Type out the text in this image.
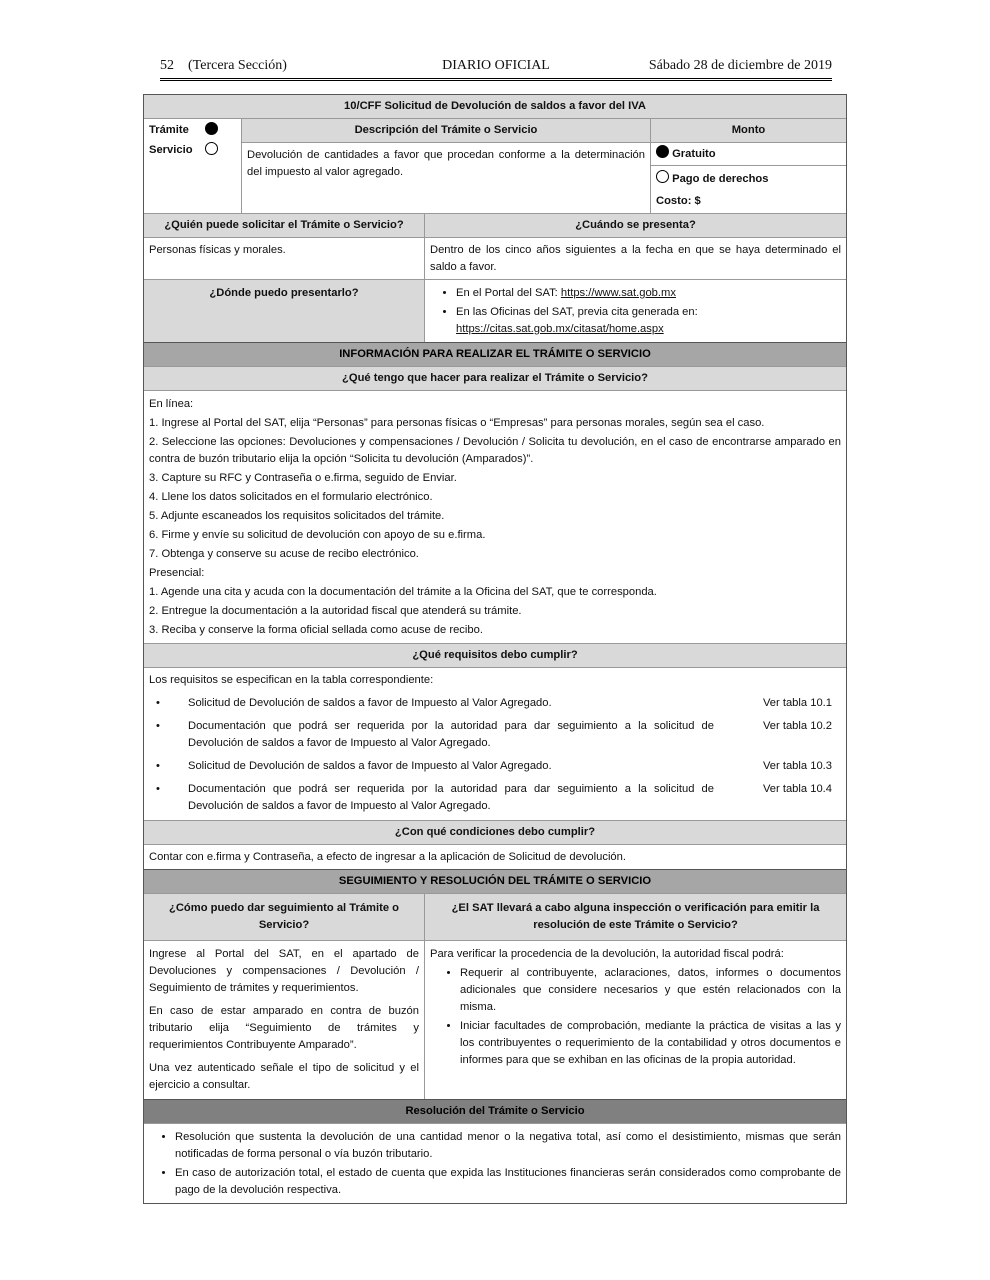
52 (Tercera Sección)	DIARIO OFICIAL	Sábado 28 de diciembre de 2019
10/CFF Solicitud de Devolución de saldos a favor del IVA
Trámite
Servicio
Descripción del Trámite o Servicio
Devolución de cantidades a favor que procedan conforme a la determinación del impuesto al valor agregado.
Monto
Gratuito
Pago de derechos
Costo: $
¿Quién puede solicitar el Trámite o Servicio?	¿Cuándo se presenta?
Personas físicas y morales.	Dentro de los cinco años siguientes a la fecha en que se haya determinado el saldo a favor.
¿Dónde puedo presentarlo?
•	En el Portal del SAT: https://www.sat.gob.mx
• En las Oficinas del SAT, previa cita generada en:
https://citas.sat.gob.mx/citasat/home.aspx
INFORMACIÓN PARA REALIZAR EL TRÁMITE O SERVICIO
¿Qué tengo que hacer para realizar el Trámite o Servicio?
En línea:
1. Ingrese al Portal del SAT, elija “Personas” para personas físicas o “Empresas” para personas morales, según sea el caso.
2. Seleccione las opciones: Devoluciones y compensaciones / Devolución / Solicita tu devolución, en el caso de encontrarse amparado en contra de buzón tributario elija la opción “Solicita tu devolución (Amparados)”.
3. Capture su RFC y Contraseña o e.firma, seguido de Enviar.
4. Llene los datos solicitados en el formulario electrónico.
5. Adjunte escaneados los requisitos solicitados del trámite.
6. Firme y envíe su solicitud de devolución con apoyo de su e.firma.
7. Obtenga y conserve su acuse de recibo electrónico.
Presencial:
1. Agende una cita y acuda con la documentación del trámite a la Oficina del SAT, que te corresponda.
2. Entregue la documentación a la autoridad fiscal que atenderá su trámite.
3. Reciba y conserve la forma oficial sellada como acuse de recibo.
¿Qué requisitos debo cumplir?
Los requisitos se especifican en la tabla correspondiente:
•	Solicitud de Devolución de saldos a favor de Impuesto al Valor Agregado.	Ver tabla 10.1
•	Documentación que podrá ser requerida por la autoridad para dar seguimiento a la solicitud de Devolución de saldos a favor de Impuesto al Valor Agregado.
Ver tabla 10.2
•	Solicitud de Devolución de saldos a favor de Impuesto al Valor Agregado.	Ver tabla 10.3
•	Documentación que podrá ser requerida por la autoridad para dar seguimiento a la solicitud de Devolución de saldos a favor de Impuesto al Valor Agregado.
Ver tabla 10.4
¿Con qué condiciones debo cumplir?
Contar con e.firma y Contraseña, a efecto de ingresar a la aplicación de Solicitud de devolución.
SEGUIMIENTO Y RESOLUCIÓN DEL TRÁMITE O SERVICIO
¿Cómo puedo dar seguimiento al Trámite o Servicio?
¿El SAT llevará a cabo alguna inspección o verificación para emitir la resolución de este Trámite o Servicio?
Ingrese al Portal del SAT, en el apartado de Devoluciones y compensaciones / Devolución / Seguimiento de trámites y requerimientos.
En caso de estar amparado en contra de buzón tributario elija “Seguimiento de trámites y requerimientos Contribuyente Amparado”.
Una vez autenticado señale el tipo de solicitud y el ejercicio a consultar.
Para verificar la procedencia de la devolución, la autoridad fiscal podrá:
• Requerir al contribuyente, aclaraciones, datos, informes o documentos adicionales que considere necesarios y que estén relacionados con la misma.
• Iniciar facultades de comprobación, mediante la práctica de visitas a las y los contribuyentes o requerimiento de la contabilidad y otros documentos e informes para que se exhiban en las oficinas de la propia autoridad.
Resolución del Trámite o Servicio
• Resolución que sustenta la devolución de una cantidad menor o la negativa total, así como el desistimiento, mismas que serán notificadas de forma personal o vía buzón tributario.
• En caso de autorización total, el estado de cuenta que expida las Instituciones financieras serán considerados como comprobante de pago de la devolución respectiva.
